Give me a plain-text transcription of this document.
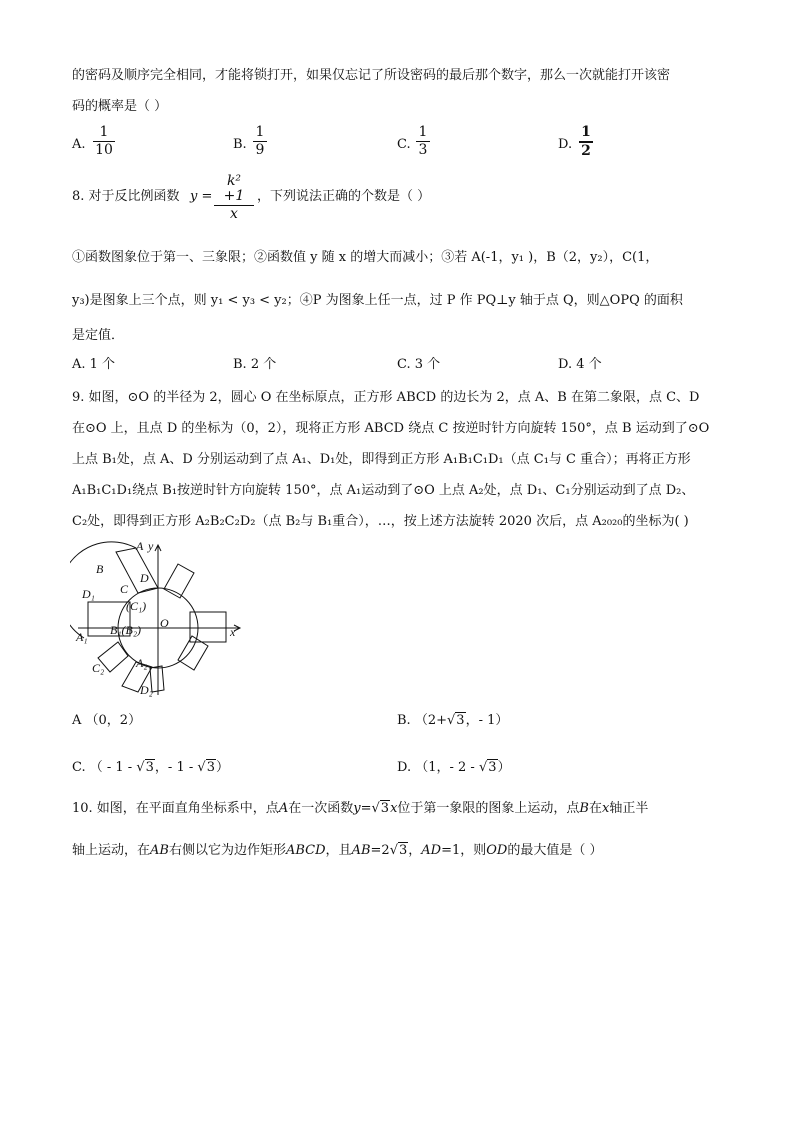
的密码及顺序完全相同，才能将锁打开，如果仅忘记了所设密码的最后那个数字，那么一次就能打开该密
码的概率是（ ）
A.
1
10	B.
1
9	C.
1
3	D.
1
2
8. 对于反比例函数 y =
k² +1
x
，下列说法正确的个数是（ ）
①函数图象位于第一、三象限；②函数值 y 随 x 的增大而减小；③若 A(-1，y₁ )，B（2，y₂），C(1，
y₃)是图象上三个点，则 y₁ < y₃ < y₂；④P 为图象上任一点，过 P 作 PQ⊥y 轴于点 Q，则△OPQ 的面积
是定值．
A. 1 个	B. 2 个	C. 3 个	D. 4 个
9. 如图，⊙O 的半径为 2，圆心 O 在坐标原点，正方形 ABCD 的边长为 2，点 A、B 在第二象限，点 C、D
在⊙O 上，且点 D 的坐标为（0，2），现将正方形 ABCD 绕点 C 按逆时针方向旋转 150°，点 B 运动到了⊙O
上点 B₁处，点 A、D 分别运动到了点 A₁、D₁处，即得到正方形 A₁B₁C₁D₁（点 C₁与 C 重合）；再将正方形
A₁B₁C₁D₁绕点 B₁按逆时针方向旋转 150°，点 A₁运动到了⊙O 上点 A₂处，点 D₁、C₁分别运动到了点 D₂、
C₂处，即得到正方形 A₂B₂C₂D₂（点 B₂与 B₁重合），…，按上述方法旋转 2020 次后，点 A₂₀₂₀的坐标为( )
A y
B
D
C
D₁
(C₁)
A₁ B₁(B₂) O
x
C₂	A₂
D₂
A （0，2）	B. （2+√3，- 1）
C. （ - 1 - √3，- 1 - √3）	D. （1，- 2 - √3）
10. 如图，在平面直角坐标系中，点A在一次函数y=√3x位于第一象限的图象上运动，点B在x轴正半
轴上运动，在AB右侧以它为边作矩形ABCD，且AB=2√3，AD=1，则OD的最大值是（ ）
